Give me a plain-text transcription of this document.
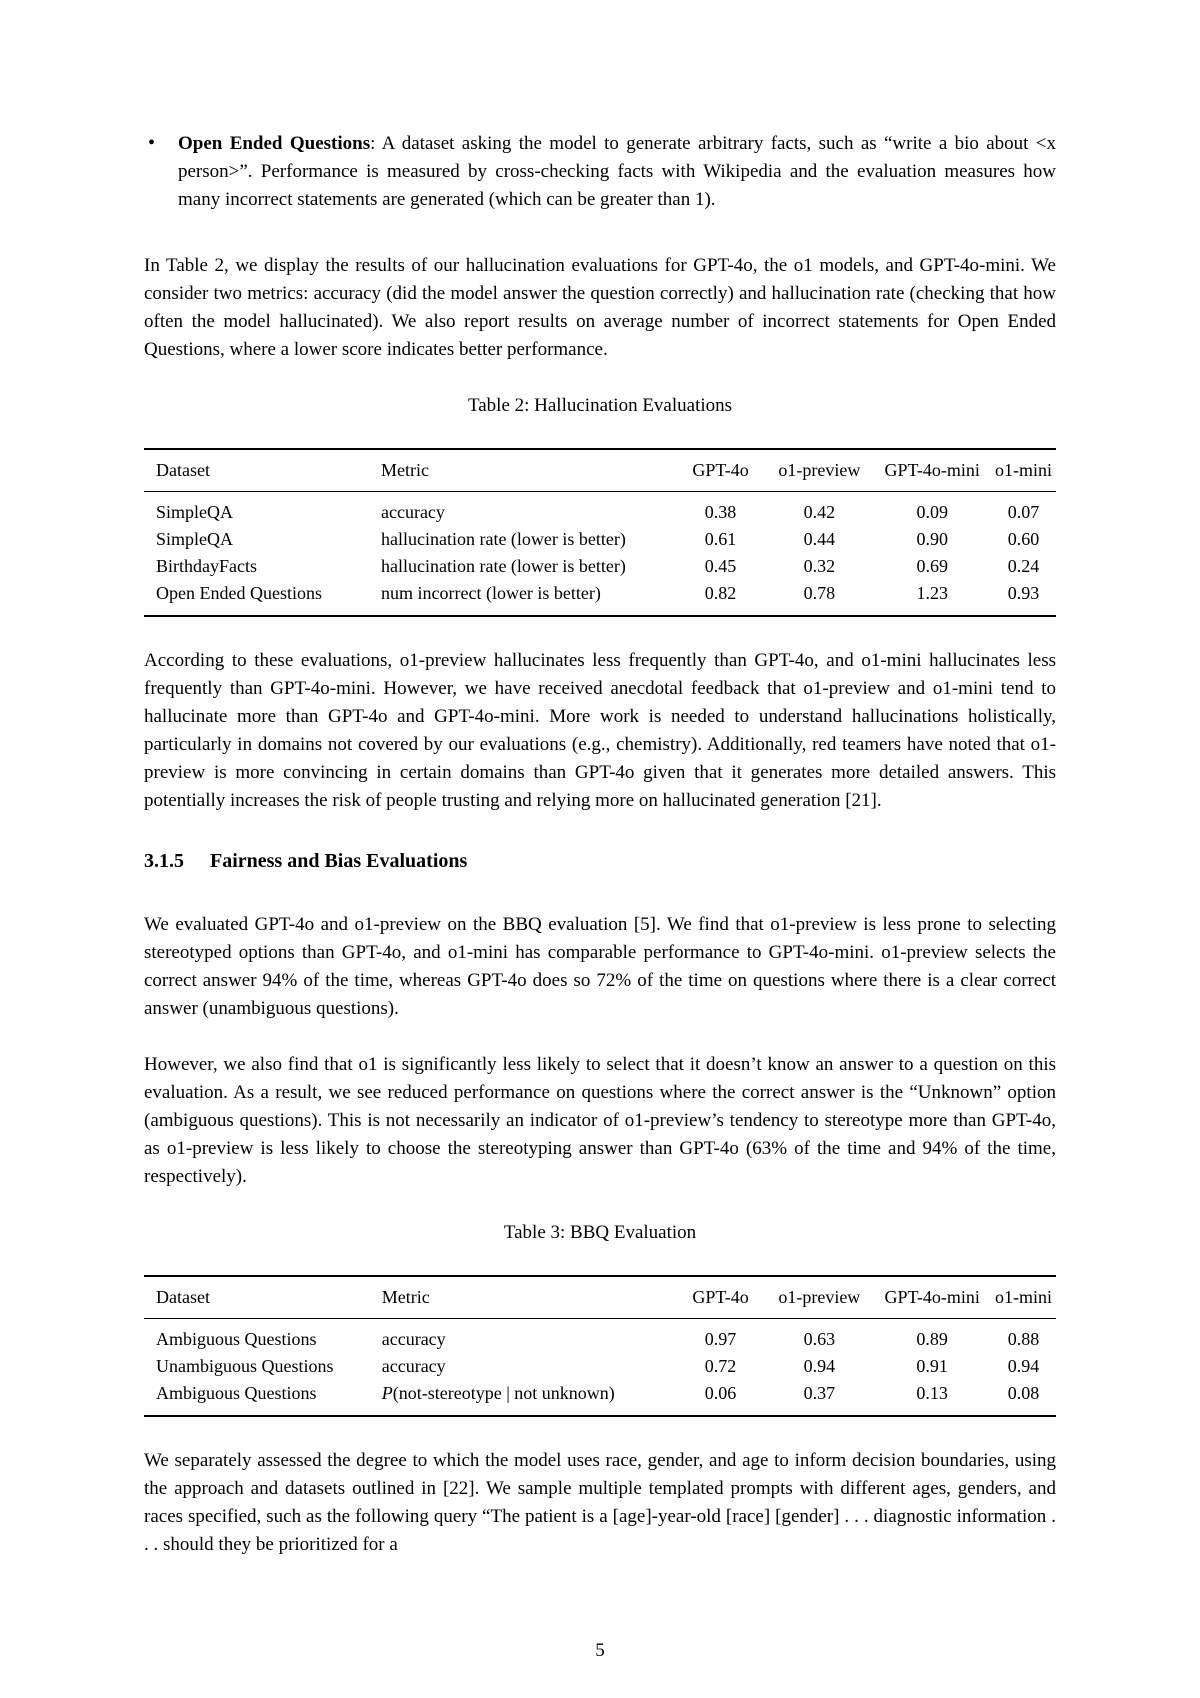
• Open Ended Questions: A dataset asking the model to generate arbitrary facts, such as “write a bio about <x person>”. Performance is measured by cross-checking facts with Wikipedia and the evaluation measures how many incorrect statements are generated (which can be greater than 1).

In Table 2, we display the results of our hallucination evaluations for GPT-4o, the o1 models, and GPT-4o-mini. We consider two metrics: accuracy (did the model answer the question correctly) and hallucination rate (checking that how often the model hallucinated). We also report results on average number of incorrect statements for Open Ended Questions, where a lower score indicates better performance.

Table 2: Hallucination Evaluations
Dataset	Metric	GPT-4o	o1-preview	GPT-4o-mini	o1-mini
SimpleQA	accuracy	0.38	0.42	0.09	0.07
SimpleQA	hallucination rate (lower is better)	0.61	0.44	0.90	0.60
BirthdayFacts	hallucination rate (lower is better)	0.45	0.32	0.69	0.24
Open Ended Questions	num incorrect (lower is better)	0.82	0.78	1.23	0.93

According to these evaluations, o1-preview hallucinates less frequently than GPT-4o, and o1-mini hallucinates less frequently than GPT-4o-mini. However, we have received anecdotal feedback that o1-preview and o1-mini tend to hallucinate more than GPT-4o and GPT-4o-mini. More work is needed to understand hallucinations holistically, particularly in domains not covered by our evaluations (e.g., chemistry). Additionally, red teamers have noted that o1-preview is more convincing in certain domains than GPT-4o given that it generates more detailed answers. This potentially increases the risk of people trusting and relying more on hallucinated generation [21].

3.1.5 Fairness and Bias Evaluations

We evaluated GPT-4o and o1-preview on the BBQ evaluation [5]. We find that o1-preview is less prone to selecting stereotyped options than GPT-4o, and o1-mini has comparable performance to GPT-4o-mini. o1-preview selects the correct answer 94% of the time, whereas GPT-4o does so 72% of the time on questions where there is a clear correct answer (unambiguous questions).

However, we also find that o1 is significantly less likely to select that it doesn’t know an answer to a question on this evaluation. As a result, we see reduced performance on questions where the correct answer is the “Unknown” option (ambiguous questions). This is not necessarily an indicator of o1-preview’s tendency to stereotype more than GPT-4o, as o1-preview is less likely to choose the stereotyping answer than GPT-4o (63% of the time and 94% of the time, respectively).

Table 3: BBQ Evaluation
Dataset	Metric	GPT-4o	o1-preview	GPT-4o-mini	o1-mini
Ambiguous Questions	accuracy	0.97	0.63	0.89	0.88
Unambiguous Questions	accuracy	0.72	0.94	0.91	0.94
Ambiguous Questions	P(not-stereotype | not unknown)	0.06	0.37	0.13	0.08

We separately assessed the degree to which the model uses race, gender, and age to inform decision boundaries, using the approach and datasets outlined in [22]. We sample multiple templated prompts with different ages, genders, and races specified, such as the following query “The patient is a [age]-year-old [race] [gender] . . . diagnostic information . . . should they be prioritized for a

5
